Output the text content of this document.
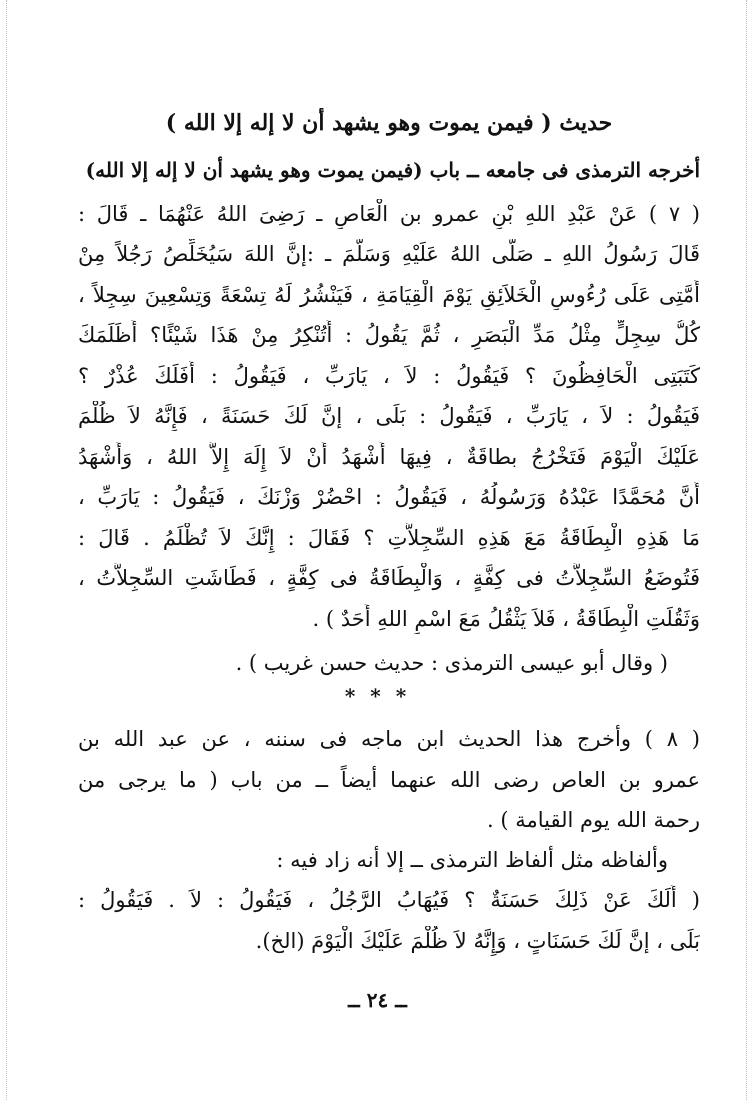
حديث ( فيمن يموت وهو يشهد أن لا إله إلا الله )
أخرجه الترمذى فى جامعه ــ باب (فيمن يموت وهو يشهد أن لا إله إلا الله)
( ٧ ) عَنْ عَبْدِ اللهِ بْنِ عمرو بن الْعَاصِ ـ رَضِىَ اللهُ عَنْهُمَا ـ قَالَ :
قَالَ رَسُولُ اللهِ ـ صَلَّى اللهُ عَلَيْهِ وَسَلَّمَ ـ :إنَّ اللهَ سَيُخَلِّصُ رَجُلاً مِنْ
أُمَّتِى عَلَى رُءُوسِ الْخَلاَئِقِ يَوْمَ الْقِيَامَةِ ، فَيَنْشُرُ لَهُ تِسْعَةً وَتِسْعِينَ سِجِلاً ،
كُلُّ سِجِلٍّ مِثْلُ مَدِّ الْبَصَرِ ، ثُمَّ يَقُولُ : أَتُنْكِرُ مِنْ هَذَا شَيْئًا؟ أَظَلَمَكَ
كَتَبَتِى الْحَافِظُونَ ؟ فَيَقُولُ : لاَ ، يَارَبِّ ، فَيَقُولُ : أَفَلَكَ عُذْرٌ ؟
فَيَقُولُ : لاَ ، يَارَبِّ ، فَيَقُولُ : بَلَى ، إنَّ لَكَ حَسَنَةً ، فَإِنَّهُ لاَ ظُلْمَ
عَلَيْكَ الْيَوْمَ فَتَخْرُجُ بطاقَةٌ ، فِيهَا أَشْهَدُ أَنْ لاَ إِلَهَ إِلاَّ اللهُ ، وَأَشْهَدُ
أَنَّ مُحَمَّدًا عَبْدُهُ وَرَسُولُهُ ، فَيَقُولُ : احْضُرْ وَزْنَكَ ، فَيَقُولُ : يَارَبِّ ،
مَا هَذِهِ الْبِطَاقَةُ مَعَ هَذِهِ السِّجِلاَّتِ ؟ فَقَالَ : إِنَّكَ لاَ تُظْلَمُ . قَالَ :
فَتُوضَعُ السِّجِلاَّتُ فى كِفَّةٍ ، وَالْبِطَاقَةُ فى كِفَّةٍ ، فَطَاشَتِ السِّجِلاَّتُ ،
وَثَقُلَتِ الْبِطَاقَةُ ، فَلاَ يَثْقُلُ مَعَ اسْمِ اللهِ أَحَدٌ ) .
( وقال أبو عيسى الترمذى : حديث حسن غريب ) .
* * *
( ٨ ) وأخرج هذا الحديث ابن ماجه فى سننه ، عن عبد الله بن
عمرو بن العاص رضى الله عنهما أيضاً ــ من باب ( ما يرجى من
رحمة الله يوم القيامة ) .
وألفاظه مثل ألفاظ الترمذى ــ إلا أنه زاد فيه :
( أَلَكَ عَنْ ذَلِكَ حَسَنَةٌ ؟ فَيُهَابُ الرَّجُلُ ، فَيَقُولُ : لاَ . فَيَقُولُ :
بَلَى ، إنَّ لَكَ حَسَنَاتٍ ، وَإِنَّهُ لاَ ظُلْمَ عَلَيْكَ الْيَوْمَ (الخ).
ــ ٢٤ ــ
